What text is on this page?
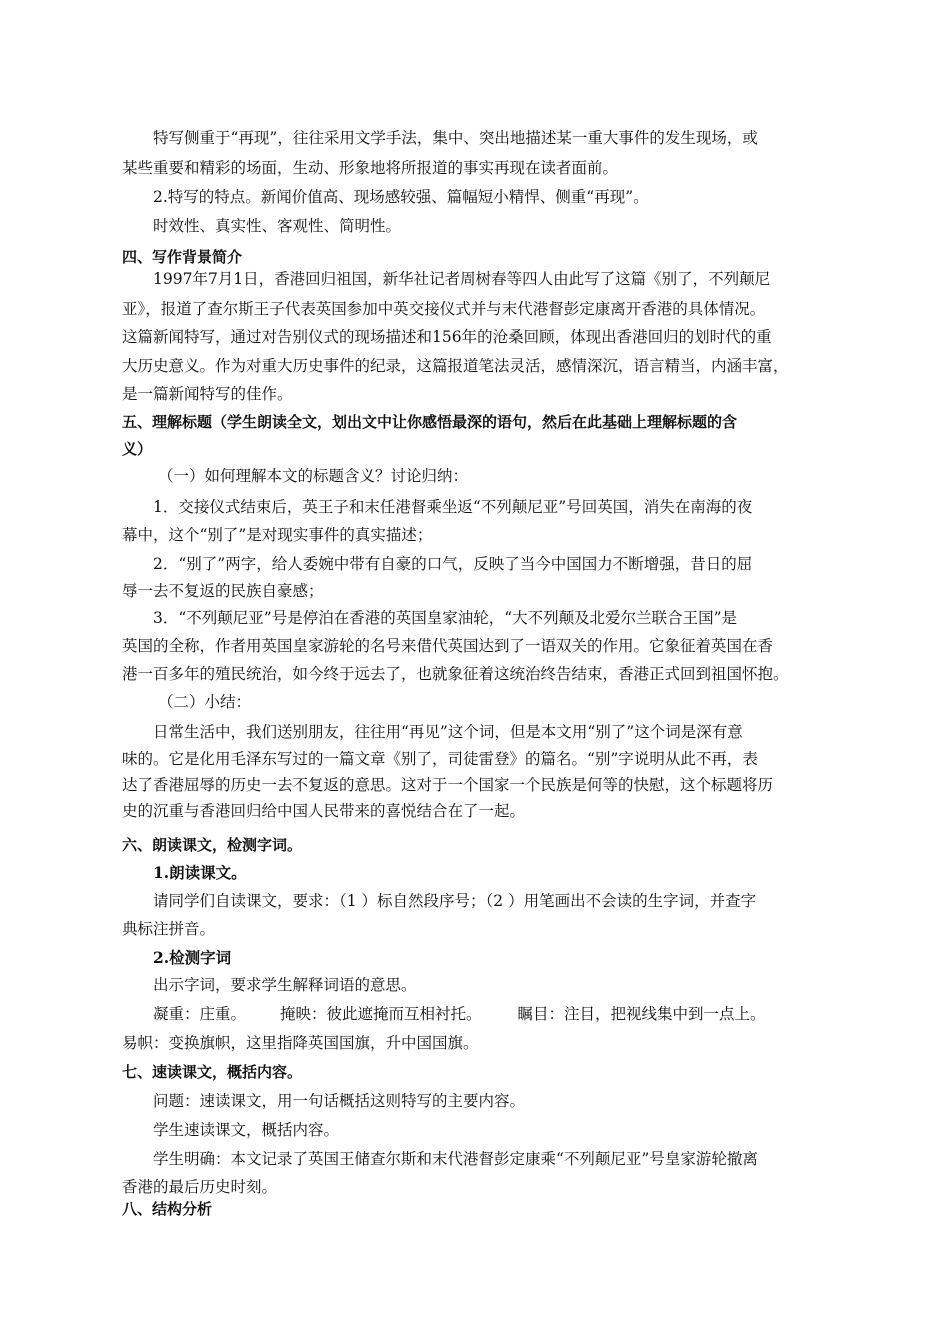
特写侧重于“再现”，往往采用文学手法，集中、突出地描述某一重大事件的发生现场，或
某些重要和精彩的场面，生动、形象地将所报道的事实再现在读者面前。
2.特写的特点。新闻价值高、现场感较强、篇幅短小精悍、侧重“再现”。
时效性、真实性、客观性、简明性。
四、写作背景简介
1997年7月1日，香港回归祖国，新华社记者周树春等四人由此写了这篇《别了，不列颠尼
亚》，报道了查尔斯王子代表英国参加中英交接仪式并与末代港督彭定康离开香港的具体情况。
这篇新闻特写，通过对告别仪式的现场描述和156年的沧桑回顾，体现出香港回归的划时代的重
大历史意义。作为对重大历史事件的纪录，这篇报道笔法灵活，感情深沉，语言精当，内涵丰富，
是一篇新闻特写的佳作。
五、理解标题（学生朗读全文，划出文中让你感悟最深的语句，然后在此基础上理解标题的含
义）
（一）如何理解本文的标题含义？讨论归纳：
1．交接仪式结束后，英王子和末任港督乘坐返“不列颠尼亚”号回英国，消失在南海的夜
幕中，这个“别了”是对现实事件的真实描述；
2．“别了”两字，给人委婉中带有自豪的口气，反映了当今中国国力不断增强，昔日的屈
辱一去不复返的民族自豪感；
3．“不列颠尼亚”号是停泊在香港的英国皇家油轮，“大不列颠及北爱尔兰联合王国”是
英国的全称，作者用英国皇家游轮的名号来借代英国达到了一语双关的作用。它象征着英国在香
港一百多年的殖民统治，如今终于远去了，也就象征着这统治终告结束，香港正式回到祖国怀抱。
（二）小结：
日常生活中，我们送别朋友，往往用“再见”这个词，但是本文用“别了”这个词是深有意
味的。它是化用毛泽东写过的一篇文章《别了，司徒雷登》的篇名。“别”字说明从此不再，表
达了香港屈辱的历史一去不复返的意思。这对于一个国家一个民族是何等的快慰，这个标题将历
史的沉重与香港回归给中国人民带来的喜悦结合在了一起。
六、朗读课文，检测字词。
1.朗读课文。
请同学们自读课文，要求：（1 ）标自然段序号；（2 ）用笔画出不会读的生字词，并查字
典标注拼音。
2.检测字词
出示字词，要求学生解释词语的意思。
凝重：庄重。 掩映：彼此遮掩而互相衬托。 瞩目：注目，把视线集中到一点上。
易帜：变换旗帜，这里指降英国国旗，升中国国旗。
七、速读课文，概括内容。
问题：速读课文，用一句话概括这则特写的主要内容。
学生速读课文，概括内容。
学生明确：本文记录了英国王储查尔斯和末代港督彭定康乘“不列颠尼亚”号皇家游轮撤离
香港的最后历史时刻。
八、结构分析
